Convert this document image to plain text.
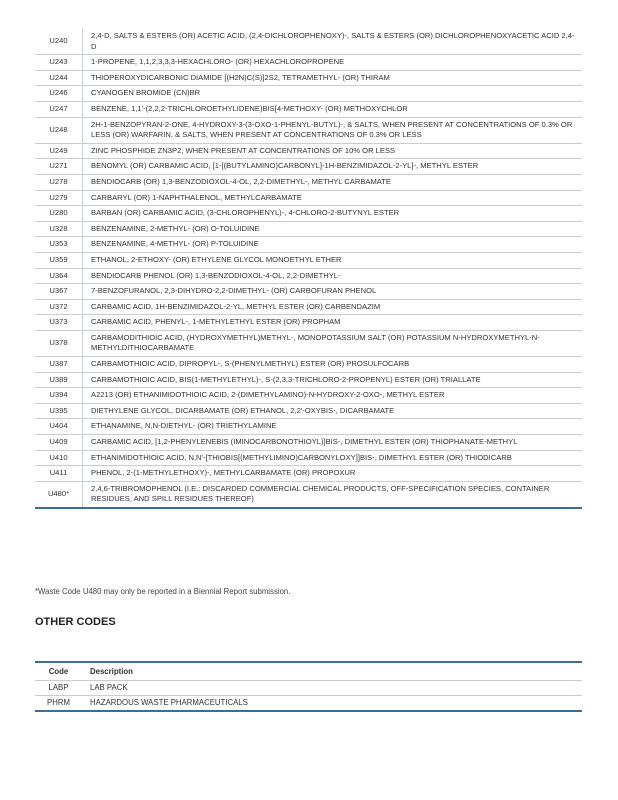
U240	2,4-D, SALTS & ESTERS (OR) ACETIC ACID, (2,4-DICHLOROPHENOXY)-, SALTS & ESTERS (OR) DICHLOROPHENOXYACETIC ACID 2,4-D
U243	1-PROPENE, 1,1,2,3,3,3-HEXACHLORO- (OR) HEXACHLOROPROPENE
U244	THIOPEROXYDICARBONIC DIAMIDE [(H2N)C(S)]2S2, TETRAMETHYL- (OR) THIRAM
U246	CYANOGEN BROMIDE (CN)BR
U247	BENZENE, 1,1'-(2,2,2-TRICHLOROETHYLIDENE)BIS[4-METHOXY- (OR) METHOXYCHLOR
U248	2H-1-BENZOPYRAN-2-ONE, 4-HYDROXY-3-(3-OXO-1-PHENYL-BUTYL)-, & SALTS, WHEN PRESENT AT CONCENTRATIONS OF 0.3% OR LESS (OR) WARFARIN, & SALTS, WHEN PRESENT AT CONCENTRATIONS OF 0.3% OR LESS
U249	ZINC PHOSPHIDE ZN3P2, WHEN PRESENT AT CONCENTRATIONS OF 10% OR LESS
U271	BENOMYL (OR) CARBAMIC ACID, [1-[(BUTYLAMINO)CARBONYL]-1H-BENZIMIDAZOL-2-YL]-, METHYL ESTER
U278	BENDIOCARB (OR) 1,3-BENZODIOXOL-4-OL, 2,2-DIMETHYL-, METHYL CARBAMATE
U279	CARBARYL (OR) 1-NAPHTHALENOL, METHYLCARBAMATE
U280	BARBAN (OR) CARBAMIC ACID, (3-CHLOROPHENYL)-, 4-CHLORO-2-BUTYNYL ESTER
U328	BENZENAMINE, 2-METHYL- (OR) O-TOLUIDINE
U353	BENZENAMINE, 4-METHYL- (OR) P-TOLUIDINE
U359	ETHANOL, 2-ETHOXY- (OR) ETHYLENE GLYCOL MONOETHYL ETHER
U364	BENDIOCARB PHENOL (OR) 1,3-BENZODIOXOL-4-OL, 2,2-DIMETHYL-
U367	7-BENZOFURANOL, 2,3-DIHYDRO-2,2-DIMETHYL- (OR) CARBOFURAN PHENOL
U372	CARBAMIC ACID, 1H-BENZIMIDAZOL-2-YL, METHYL ESTER (OR) CARBENDAZIM
U373	CARBAMIC ACID, PHENYL-, 1-METHYLETHYL ESTER (OR) PROPHAM
U378	CARBAMODITHIOIC ACID, (HYDROXYMETHYL)METHYL-, MONOPOTASSIUM SALT (OR) POTASSIUM N-HYDROXYMETHYL-N-METHYLDITHIOCARBAMATE
U387	CARBAMOTHIOIC ACID, DIPROPYL-, S-(PHENYLMETHYL) ESTER (OR) PROSULFOCARB
U389	CARBAMOTHIOIC ACID, BIS(1-METHYLETHYL)-, S-(2,3,3-TRICHLORO-2-PROPENYL) ESTER (OR) TRIALLATE
U394	A2213 (OR) ETHANIMIDOTHIOIC ACID, 2-(DIMETHYLAMINO)-N-HYDROXY-2-OXO-, METHYL ESTER
U395	DIETHYLENE GLYCOL, DICARBAMATE (OR) ETHANOL, 2,2'-OXYBIS-, DICARBAMATE
U404	ETHANAMINE, N,N-DIETHYL- (OR) TRIETHYLAMINE
U409	CARBAMIC ACID, [1,2-PHENYLENEBIS (IMINOCARBONOTHIOYL)]BIS-, DIMETHYL ESTER (OR) THIOPHANATE-METHYL
U410	ETHANIMIDOTHIOIC ACID, N,N'-[THIOBIS[(METHYLIMINO)CARBONYLOXY]]BIS-, DIMETHYL ESTER (OR) THIODICARB
U411	PHENOL, 2-(1-METHYLETHOXY)-, METHYLCARBAMATE (OR) PROPOXUR
U480*	2,4,6-TRIBROMOPHENOL (I.E.: DISCARDED COMMERCIAL CHEMICAL PRODUCTS, OFF-SPECIFICATION SPECIES, CONTAINER RESIDUES, AND SPILL RESIDUES THEREOF)
*Waste Code U480 may only be reported in a Biennial Report submission.
OTHER CODES
Code	Description
LABP	LAB PACK
PHRM	HAZARDOUS WASTE PHARMACEUTICALS
